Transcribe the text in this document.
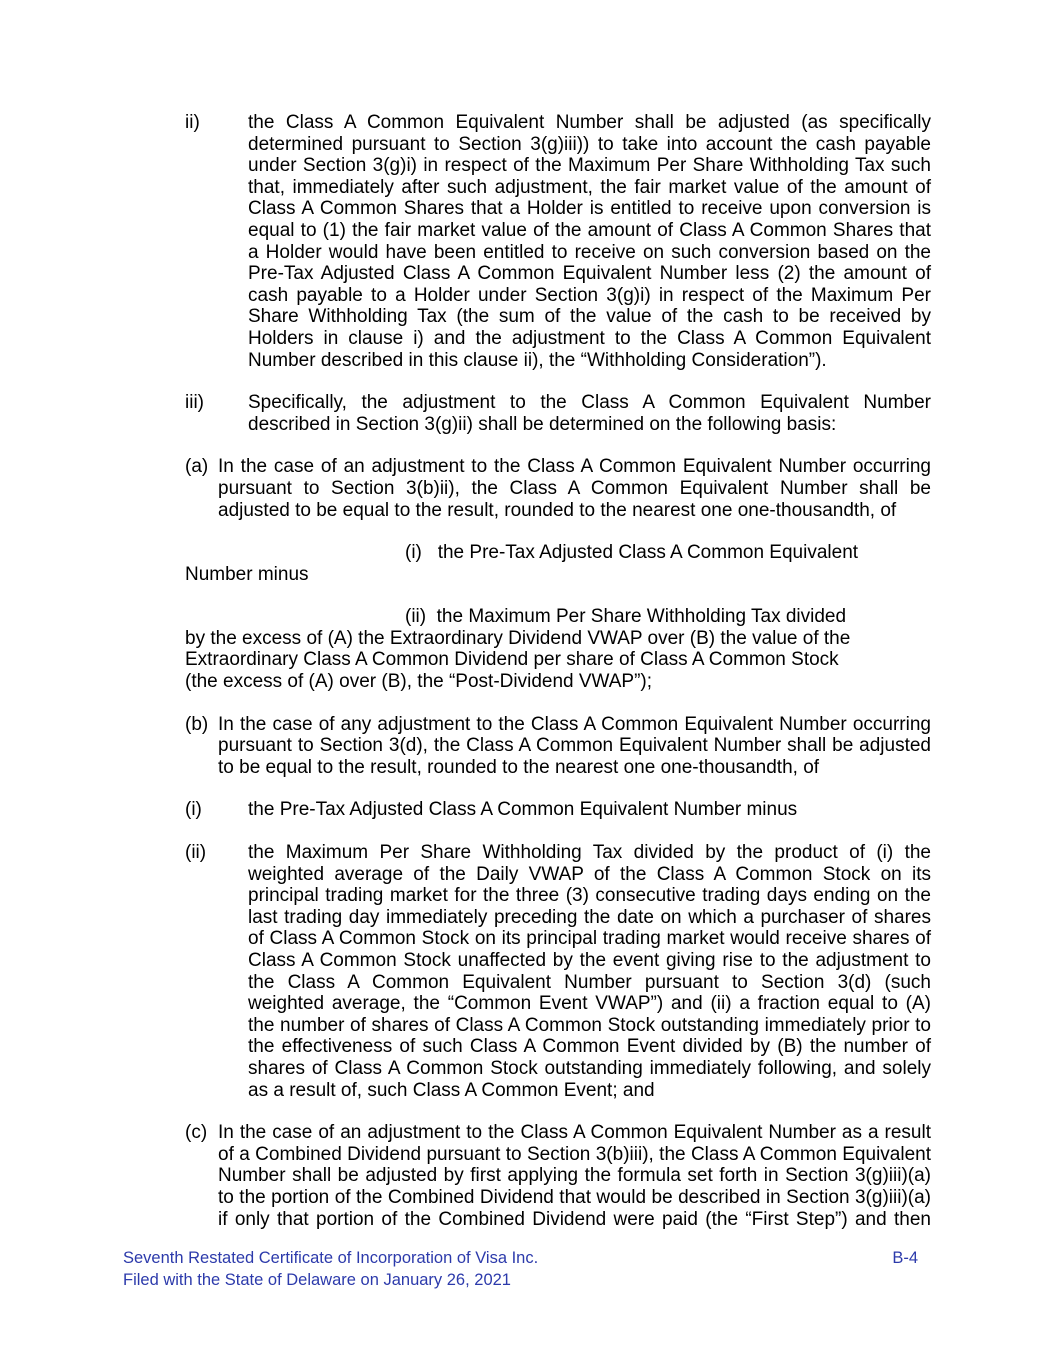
ii)	the Class A Common Equivalent Number shall be adjusted (as specifically determined pursuant to Section 3(g)iii)) to take into account the cash payable under Section 3(g)i) in respect of the Maximum Per Share Withholding Tax such that, immediately after such adjustment, the fair market value of the amount of Class A Common Shares that a Holder is entitled to receive upon conversion is equal to (1) the fair market value of the amount of Class A Common Shares that a Holder would have been entitled to receive on such conversion based on the Pre-Tax Adjusted Class A Common Equivalent Number less (2) the amount of cash payable to a Holder under Section 3(g)i) in respect of the Maximum Per Share Withholding Tax (the sum of the value of the cash to be received by Holders in clause i) and the adjustment to the Class A Common Equivalent Number described in this clause ii), the “Withholding Consideration”).
iii) Specifically, the adjustment to the Class A Common Equivalent Number described in Section 3(g)ii) shall be determined on the following basis:
(a) In the case of an adjustment to the Class A Common Equivalent Number occurring pursuant to Section 3(b)ii), the Class A Common Equivalent Number shall be adjusted to be equal to the result, rounded to the nearest one one-thousandth, of
(i)   the Pre-Tax Adjusted Class A Common Equivalent
Number minus
(ii)  the Maximum Per Share Withholding Tax divided
by the excess of (A) the Extraordinary Dividend VWAP over (B) the value of the
Extraordinary Class A Common Dividend per share of Class A Common Stock
(the excess of (A) over (B), the “Post-Dividend VWAP”);
(b) In the case of any adjustment to the Class A Common Equivalent Number occurring pursuant to Section 3(d), the Class A Common Equivalent Number shall be adjusted to be equal to the result, rounded to the nearest one one-thousandth, of
(i) the Pre-Tax Adjusted Class A Common Equivalent Number minus
(ii) the Maximum Per Share Withholding Tax divided by the product of (i) the weighted average of the Daily VWAP of the Class A Common Stock on its principal trading market for the three (3) consecutive trading days ending on the last trading day immediately preceding the date on which a purchaser of shares of Class A Common Stock on its principal trading market would receive shares of Class A Common Stock unaffected by the event giving rise to the adjustment to the Class A Common Equivalent Number pursuant to Section 3(d) (such weighted average, the “Common Event VWAP”) and (ii) a fraction equal to (A) the number of shares of Class A Common Stock outstanding immediately prior to the effectiveness of such Class A Common Event divided by (B) the number of shares of Class A Common Stock outstanding immediately following, and solely as a result of, such Class A Common Event; and
(c) In the case of an adjustment to the Class A Common Equivalent Number as a result of a Combined Dividend pursuant to Section 3(b)iii), the Class A Common Equivalent Number shall be adjusted by first applying the formula set forth in Section 3(g)iii)(a) to the portion of the Combined Dividend that would be described in Section 3(g)iii)(a) if only that portion of the Combined Dividend were paid (the “First Step”) and then
Seventh Restated Certificate of Incorporation of Visa Inc.
Filed with the State of Delaware on January 26, 2021
B-4
